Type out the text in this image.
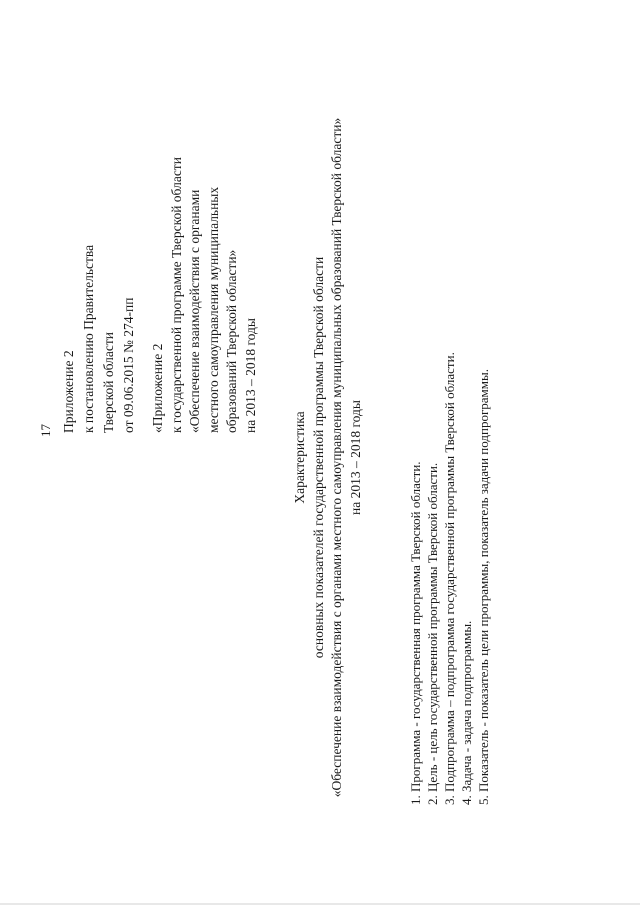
17 Приложение 2 к постановлению Правительства Тверской области от 09.06.2015 № 274-пп «Приложение 2 к государственной программе Тверской области «Обеспечение взаимодействия с органами местного самоуправления муниципальных образований Тверской области» на 2013 – 2018 годы
Характеристика основных показателей государственной программы Тверской области «Обеспечение взаимодействия с органами местного самоуправления муниципальных образований Тверской области» на 2013 – 2018 годы
1. Программа - государственная программа Тверской области. 2. Цель - цель государственной программы Тверской области. 3. Подпрограмма – подпрограмма государственной программы Тверской области. 4. Задача - задача подпрограммы. 5. Показатель - показатель цели программы, показатель задачи подпрограммы.
